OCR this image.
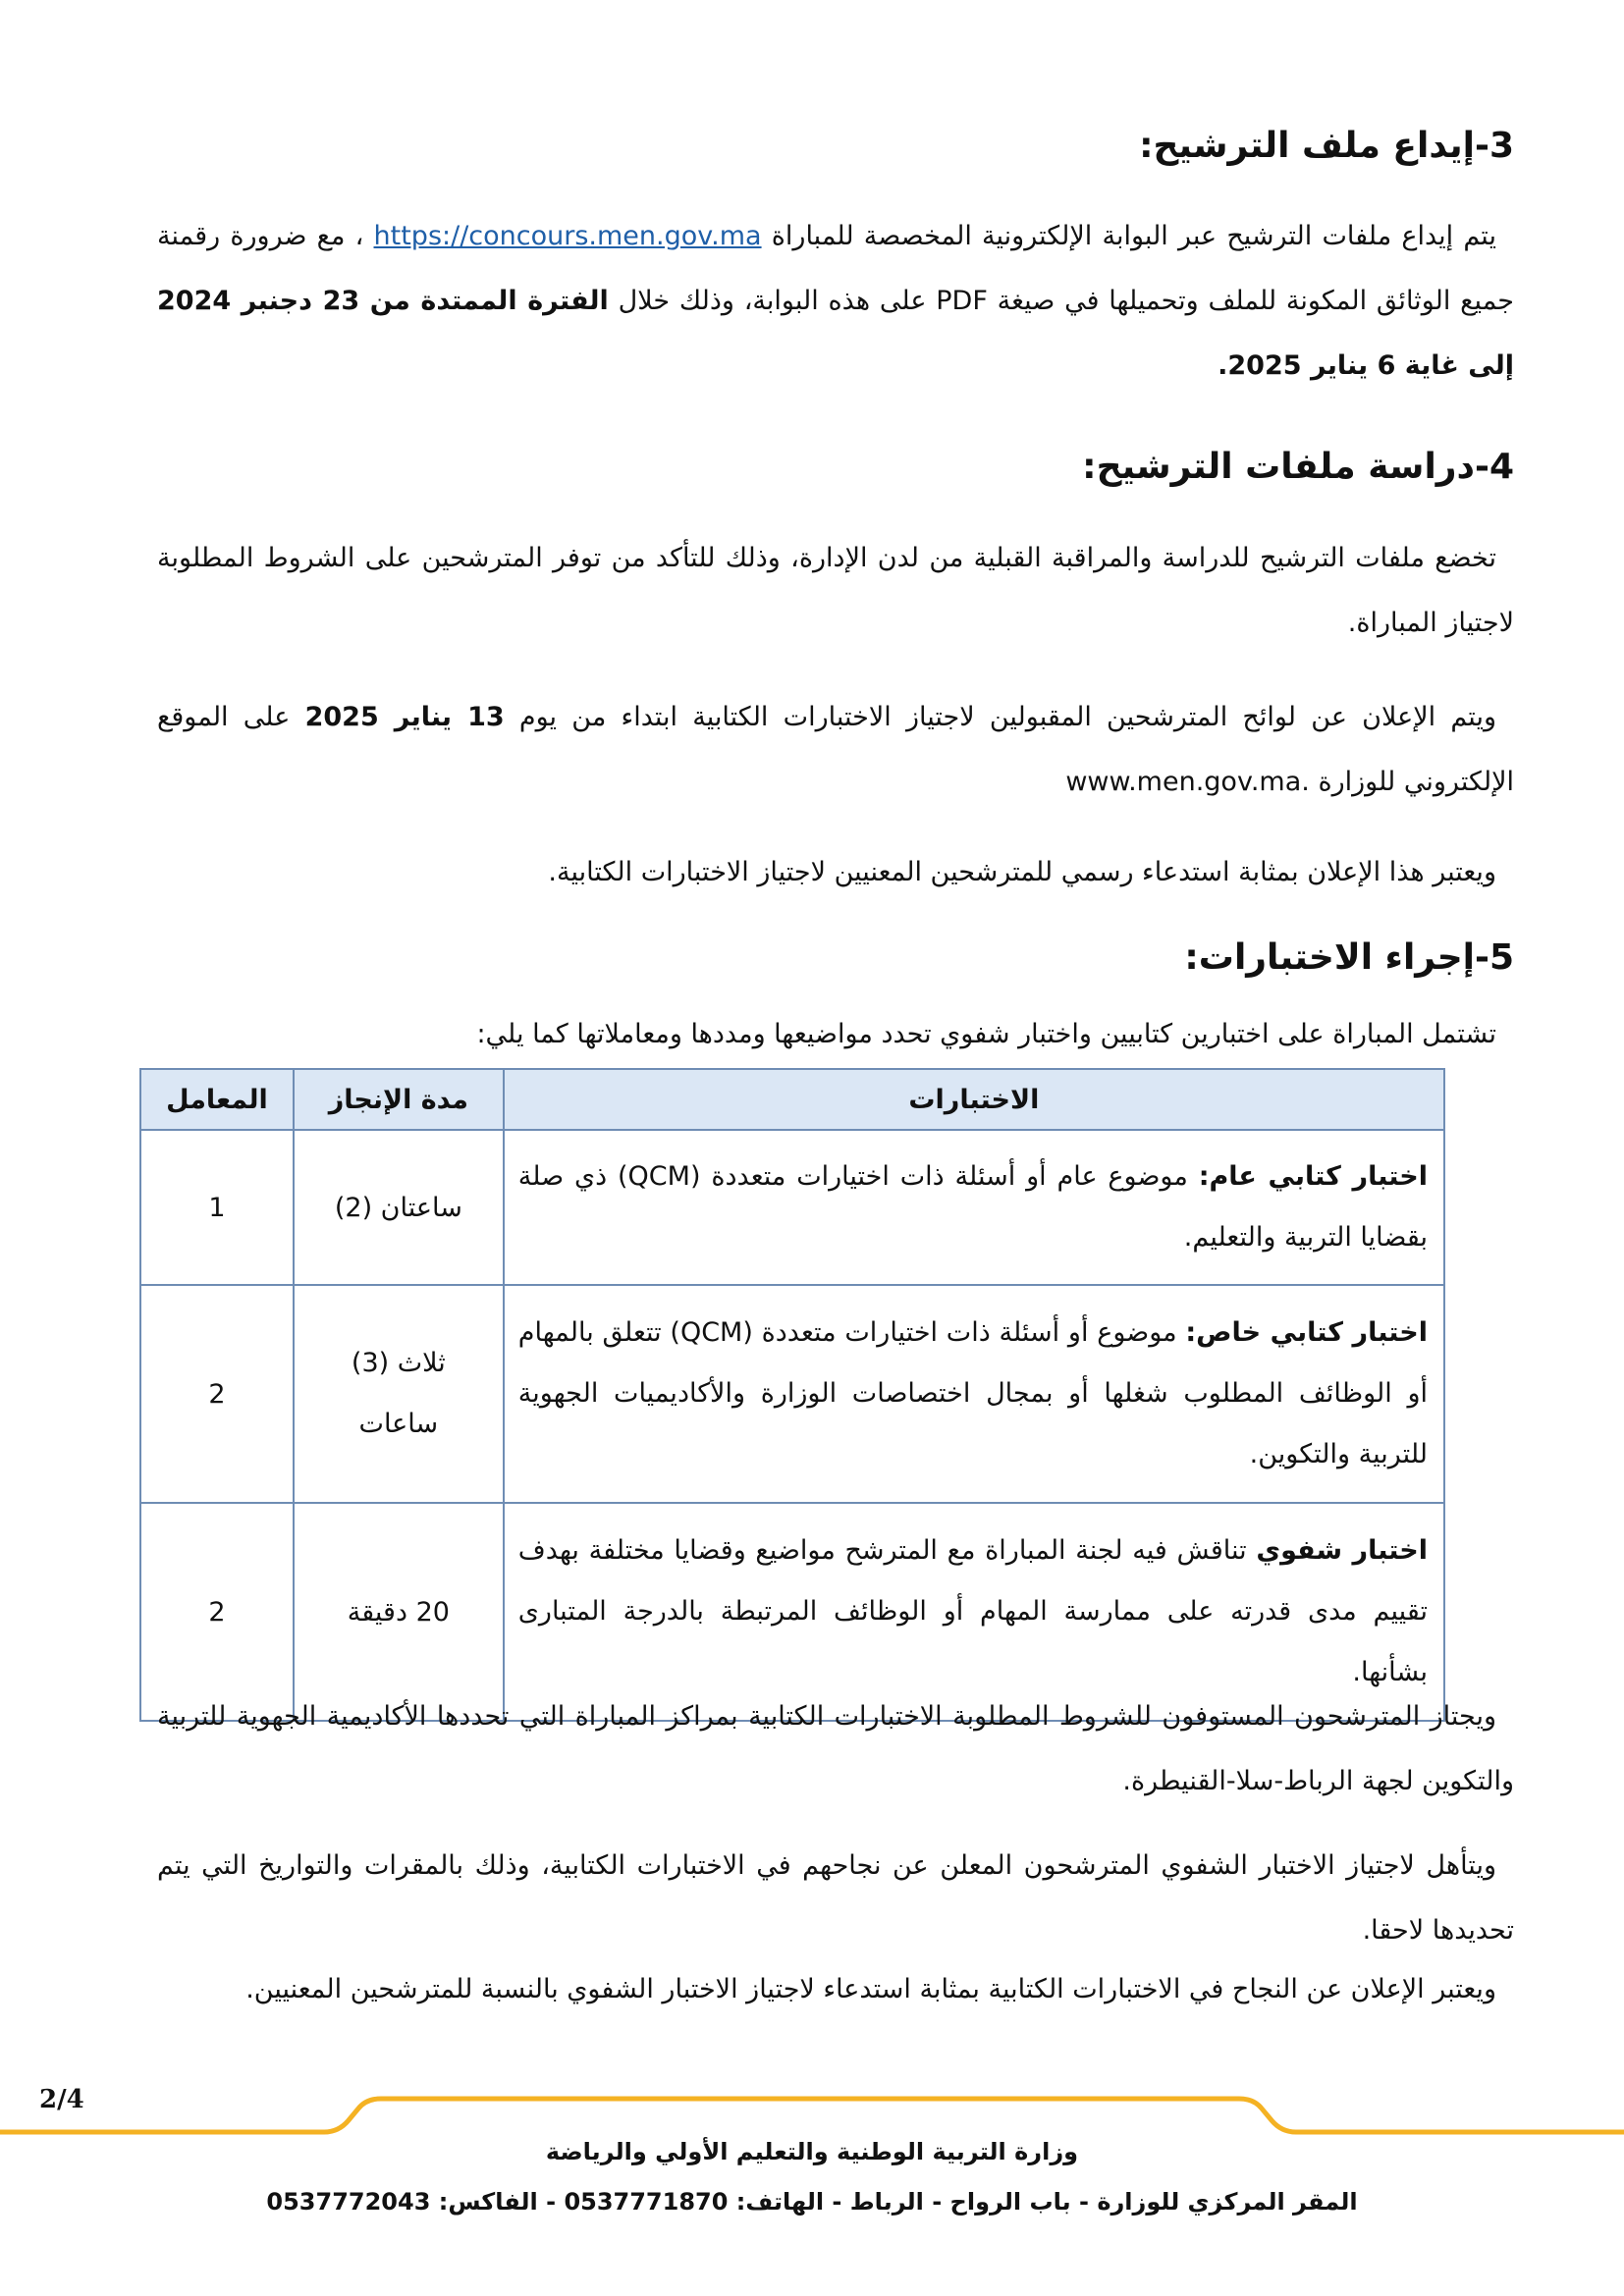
3-إيداع ملف الترشيح:

يتم إيداع ملفات الترشيح عبر البوابة الإلكترونية المخصصة للمباراة https://concours.men.gov.ma ، مع ضرورة رقمنة جميع الوثائق المكونة للملف وتحميلها في صيغة PDF على هذه البوابة، وذلك خلال الفترة الممتدة من 23 دجنبر 2024 إلى غاية 6 يناير 2025.

4-دراسة ملفات الترشيح:

تخضع ملفات الترشيح للدراسة والمراقبة القبلية من لدن الإدارة، وذلك للتأكد من توفر المترشحين على الشروط المطلوبة لاجتياز المباراة.

ويتم الإعلان عن لوائح المترشحين المقبولين لاجتياز الاختبارات الكتابية ابتداء من يوم 13 يناير 2025 على الموقع الإلكتروني للوزارة www.men.gov.ma.

ويعتبر هذا الإعلان بمثابة استدعاء رسمي للمترشحين المعنيين لاجتياز الاختبارات الكتابية.

5-إجراء الاختبارات:

تشتمل المباراة على اختبارين كتابيين واختبار شفوي تحدد مواضيعها ومددها ومعاملاتها كما يلي:

الاختبارات	مدة الإنجاز	المعامل
اختبار كتابي عام: موضوع عام أو أسئلة ذات اختيارات متعددة (QCM) ذي صلة بقضايا التربية والتعليم.	ساعتان (2)	1
اختبار كتابي خاص: موضوع أو أسئلة ذات اختيارات متعددة (QCM) تتعلق بالمهام أو الوظائف المطلوب شغلها أو بمجال اختصاصات الوزارة والأكاديميات الجهوية للتربية والتكوين.	ثلاث (3) ساعات	2
اختبار شفوي تناقش فيه لجنة المباراة مع المترشح مواضيع وقضايا مختلفة بهدف تقييم مدى قدرته على ممارسة المهام أو الوظائف المرتبطة بالدرجة المتبارى بشأنها.	20 دقيقة	2

ويجتاز المترشحون المستوفون للشروط المطلوبة الاختبارات الكتابية بمراكز المباراة التي تحددها الأكاديمية الجهوية للتربية والتكوين لجهة الرباط-سلا-القنيطرة.

ويتأهل لاجتياز الاختبار الشفوي المترشحون المعلن عن نجاحهم في الاختبارات الكتابية، وذلك بالمقرات والتواريخ التي يتم تحديدها لاحقا.

ويعتبر الإعلان عن النجاح في الاختبارات الكتابية بمثابة استدعاء لاجتياز الاختبار الشفوي بالنسبة للمترشحين المعنيين.

2/4
وزارة التربية الوطنية والتعليم الأولي والرياضة
المقر المركزي للوزارة - باب الرواح - الرباط - الهاتف: 0537771870 - الفاكس: 0537772043
